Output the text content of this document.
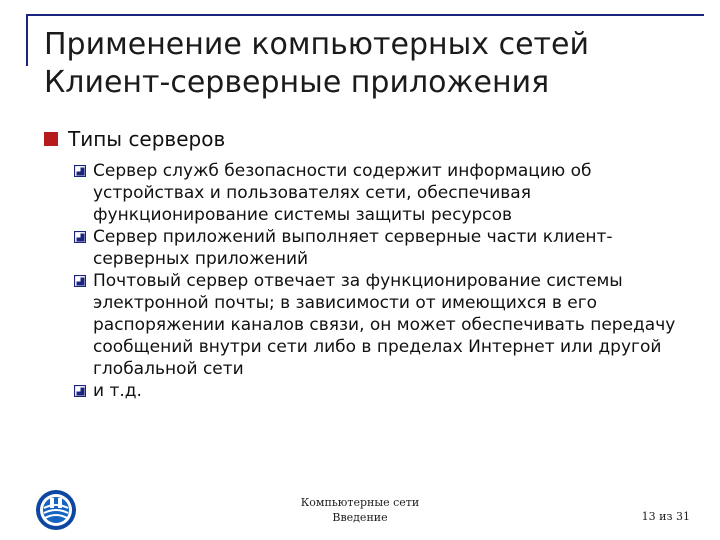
Применение компьютерных сетей
Клиент-серверные приложения
Типы серверов
Сервер служб безопасности содержит информацию об устройствах и пользователях сети, обеспечивая функционирование системы защиты ресурсов
Сервер приложений выполняет серверные части клиент-серверных приложений
Почтовый сервер отвечает за функционирование системы электронной почты; в зависимости от имеющихся в его распоряжении каналов связи, он может обеспечивать передачу сообщений внутри сети либо в пределах Интернет или другой глобальной сети
и т.д.
Компьютерные сети
Введение	13 из 31
